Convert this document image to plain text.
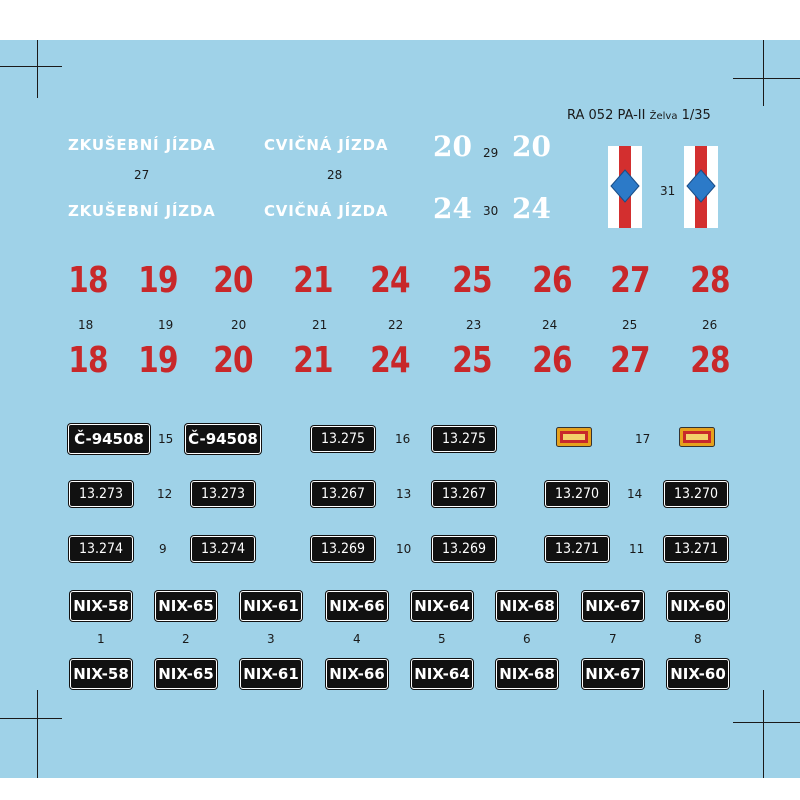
RA 052 PA-II Želva 1/35
ZKUŠEBNÍ JÍZDA	CVIČNÁ JÍZDA
27	28
ZKUŠEBNÍ JÍZDA	CVIČNÁ JÍZDA
20 29 20
24 30 24
31
18 19 20 21 24 25 26 27 28
18	19	20	21	22	23	24	25	26
18 19 20 21 24 25 26 27 28
Č-94508	15 Č-94508	13.275	16	13.275	17
13.273	12	13.273	13.267	13	13.267	13.270	14	13.270
13.274	9	13.274	13.269	10	13.269	13.271	11	13.271
NIX-58 NIX-65 NIX-61 NIX-66 NIX-64 NIX-68 NIX-67 NIX-60
1	2	3	4	5	6	7	8
NIX-58 NIX-65 NIX-61 NIX-66 NIX-64 NIX-68 NIX-67 NIX-60
